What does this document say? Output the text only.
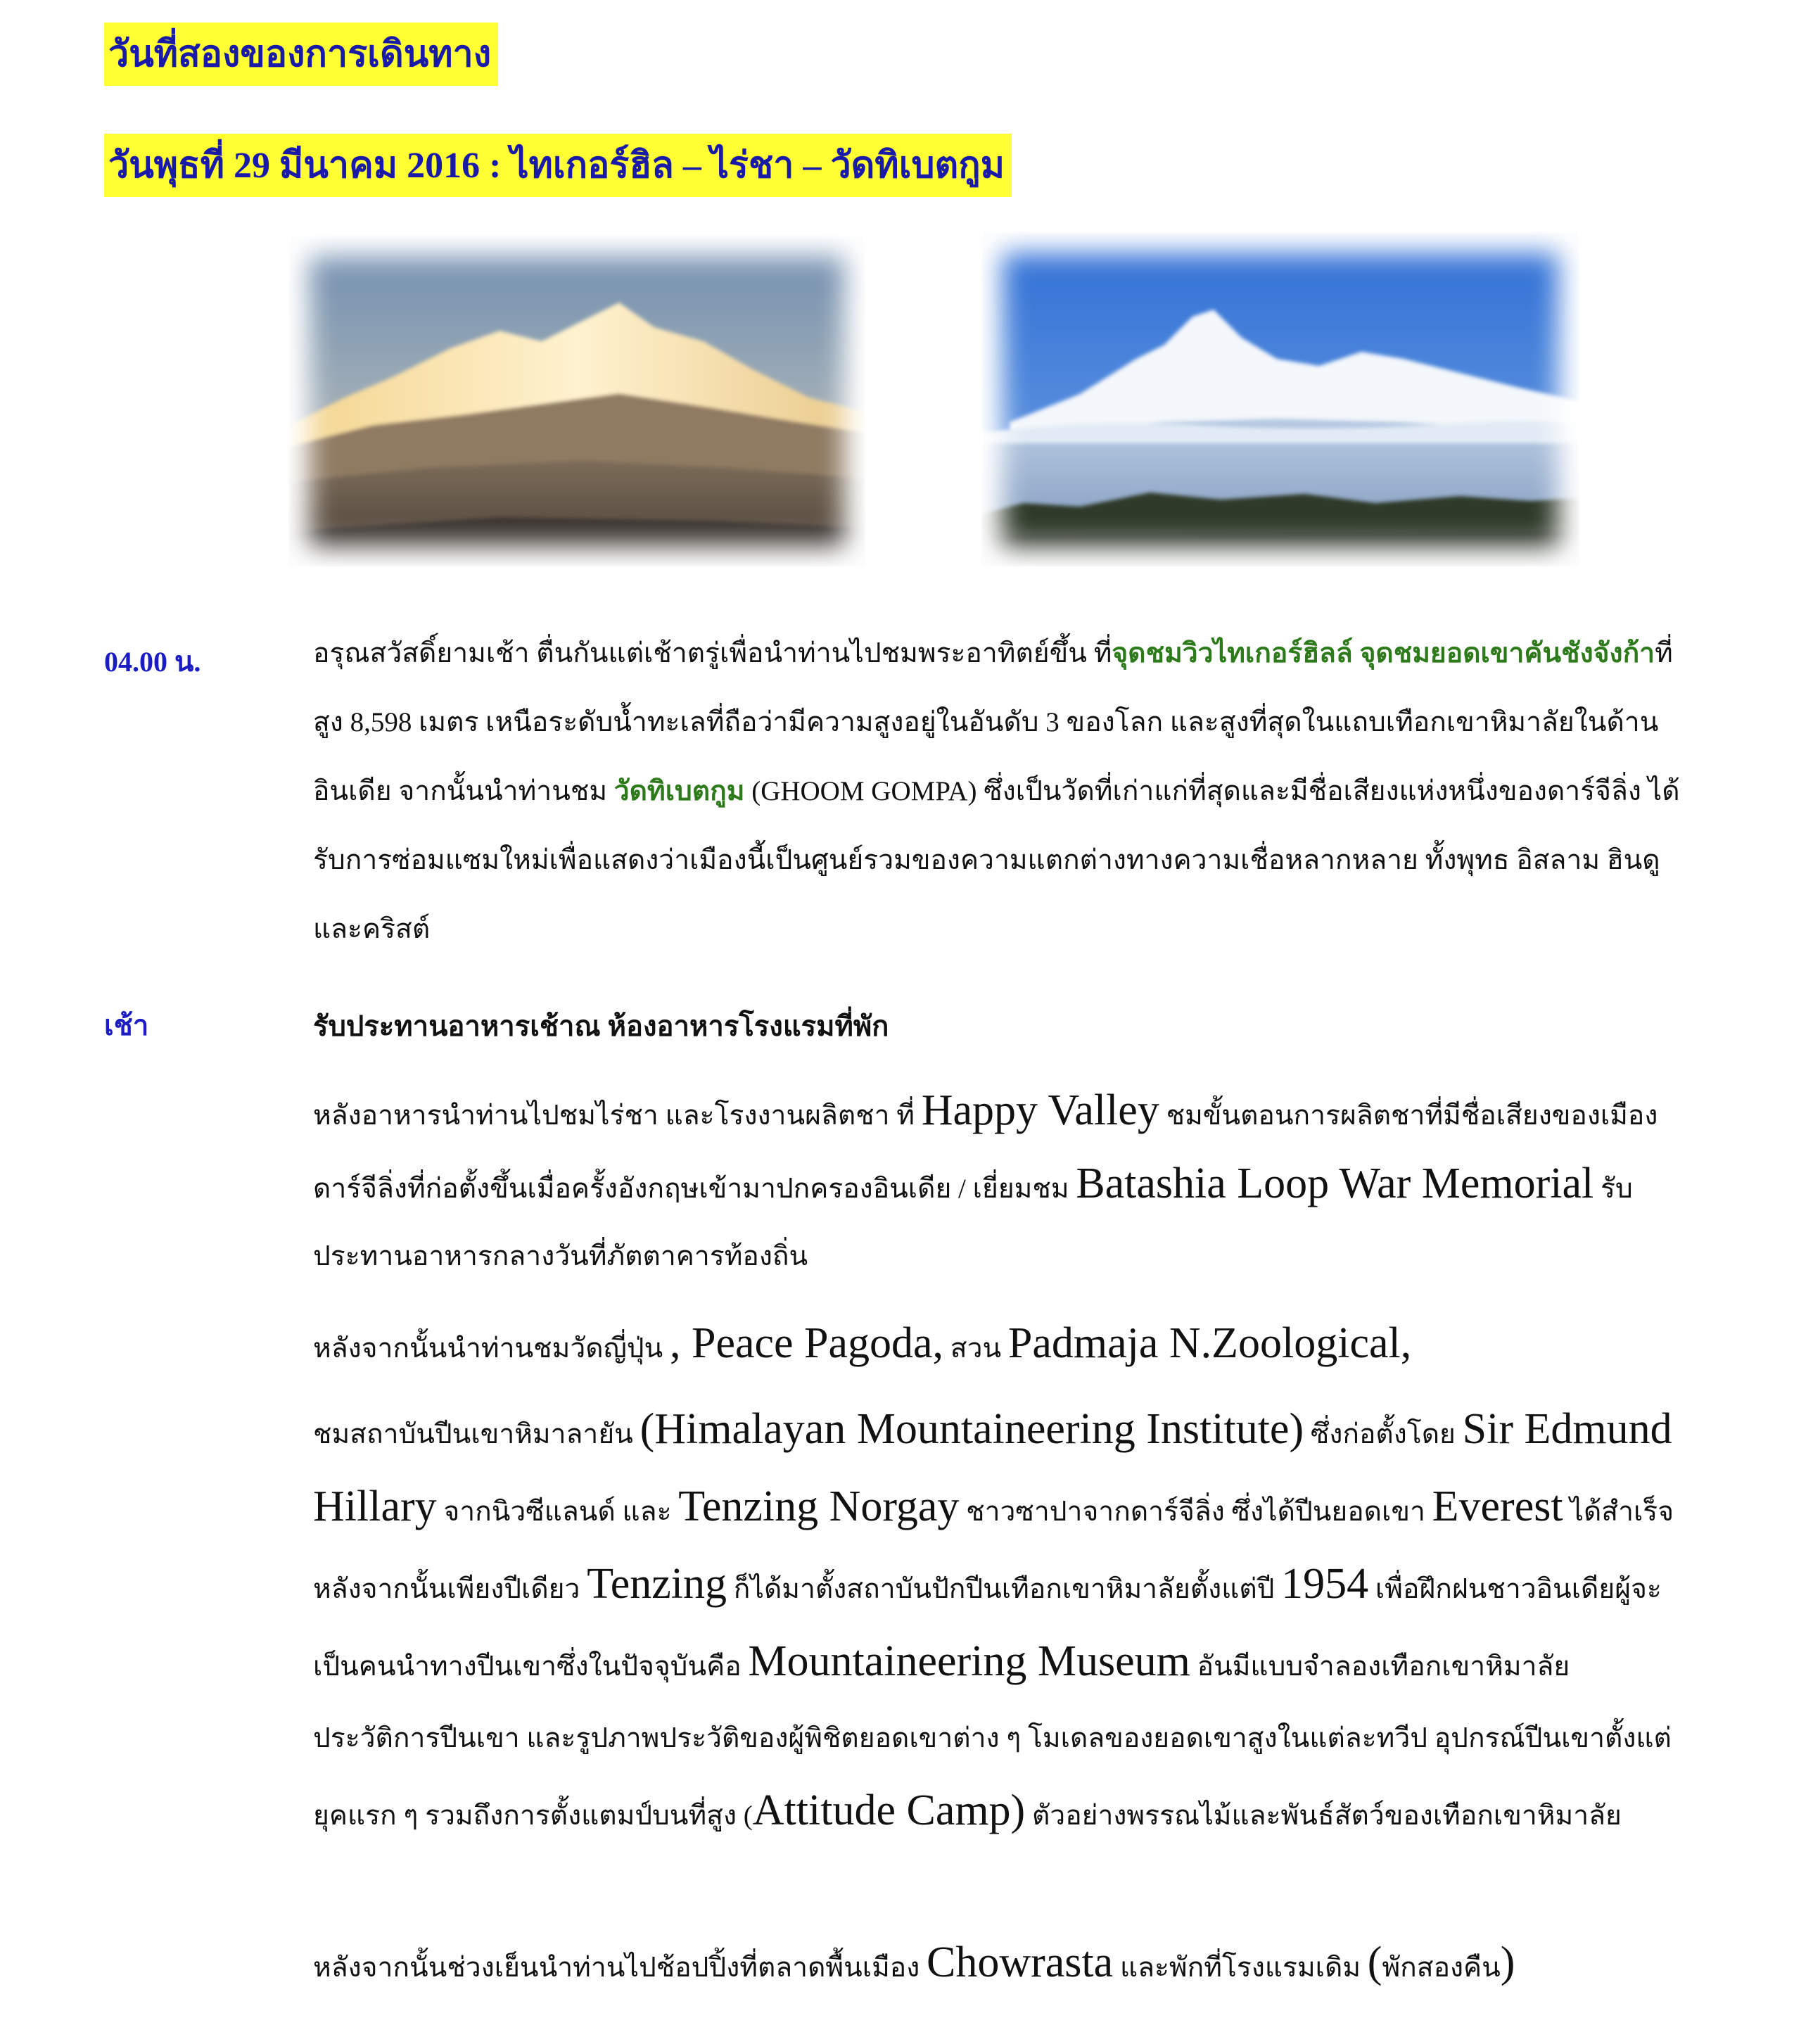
วันที่สองของการเดินทาง
วันพุธที่ 29 มีนาคม 2016 : ไทเกอร์ฮิล – ไร่ชา – วัดทิเบตกูม
04.00 น.	อรุณสวัสดิ์ยามเช้า ตื่นกันแต่เช้าตรู่เพื่อนำท่านไปชมพระอาทิตย์ขึ้น ที่จุดชมวิวไทเกอร์ฮิลล์ จุดชมยอดเขาคันชังจังก้าที่สูง 8,598 เมตร เหนือระดับน้ำทะเลที่ถือว่ามีความสูงอยู่ในอันดับ 3 ของโลก และสูงที่สุดในแถบเทือกเขาหิมาลัยในด้านอินเดีย จากนั้นนำท่านชม วัดทิเบตกูม (GHOOM GOMPA) ซึ่งเป็นวัดที่เก่าแก่ที่สุดและมีชื่อเสียงแห่งหนึ่งของดาร์จีลิ่ง ได้รับการซ่อมแซมใหม่เพื่อแสดงว่าเมืองนี้เป็นศูนย์รวมของความแตกต่างทางความเชื่อหลากหลาย ทั้งพุทธ อิสลาม ฮินดู และคริสต์

เช้า	รับประทานอาหารเช้าณ ห้องอาหารโรงแรมที่พัก

หลังอาหารนำท่านไปชมไร่ชา และโรงงานผลิตชา ที่ Happy Valley ชมขั้นตอนการผลิตชาที่มีชื่อเสียงของเมืองดาร์จีลิ่งที่ก่อตั้งขึ้นเมื่อครั้งอังกฤษเข้ามาปกครองอินเดีย / เยี่ยมชม Batashia Loop War Memorial รับประทานอาหารกลางวันที่ภัตตาคารท้องถิ่น

หลังจากนั้นนำท่านชมวัดญี่ปุ่น , Peace Pagoda, สวน Padmaja N.Zoological,

ชมสถาบันปีนเขาหิมาลายัน (Himalayan Mountaineering Institute) ซึ่งก่อตั้งโดย Sir Edmund Hillary จากนิวซีแลนด์ และ Tenzing Norgay ชาวซาปาจากดาร์จีลิ่ง ซึ่งได้ปีนยอดเขา Everest ได้สำเร็จ หลังจากนั้นเพียงปีเดียว Tenzing ก็ได้มาตั้งสถาบันปักปีนเทือกเขาหิมาลัยตั้งแต่ปี 1954 เพื่อฝึกฝนชาวอินเดียผู้จะเป็นคนนำทางปีนเขาซึ่งในปัจจุบันคือ Mountaineering Museum อันมีแบบจำลองเทือกเขาหิมาลัย ประวัติการปีนเขา และรูปภาพประวัติของผู้พิชิตยอดเขาต่าง ๆ โมเดลของยอดเขาสูงในแต่ละทวีป อุปกรณ์ปีนเขาตั้งแต่ยุคแรก ๆ รวมถึงการตั้งแตมป์บนที่สูง (Attitude Camp) ตัวอย่างพรรณไม้และพันธ์สัตว์ของเทือกเขาหิมาลัย

หลังจากนั้นช่วงเย็นนำท่านไปช้อปปิ้งที่ตลาดพื้นเมือง Chowrasta และพักที่โรงแรมเดิม (พักสองคืน)
